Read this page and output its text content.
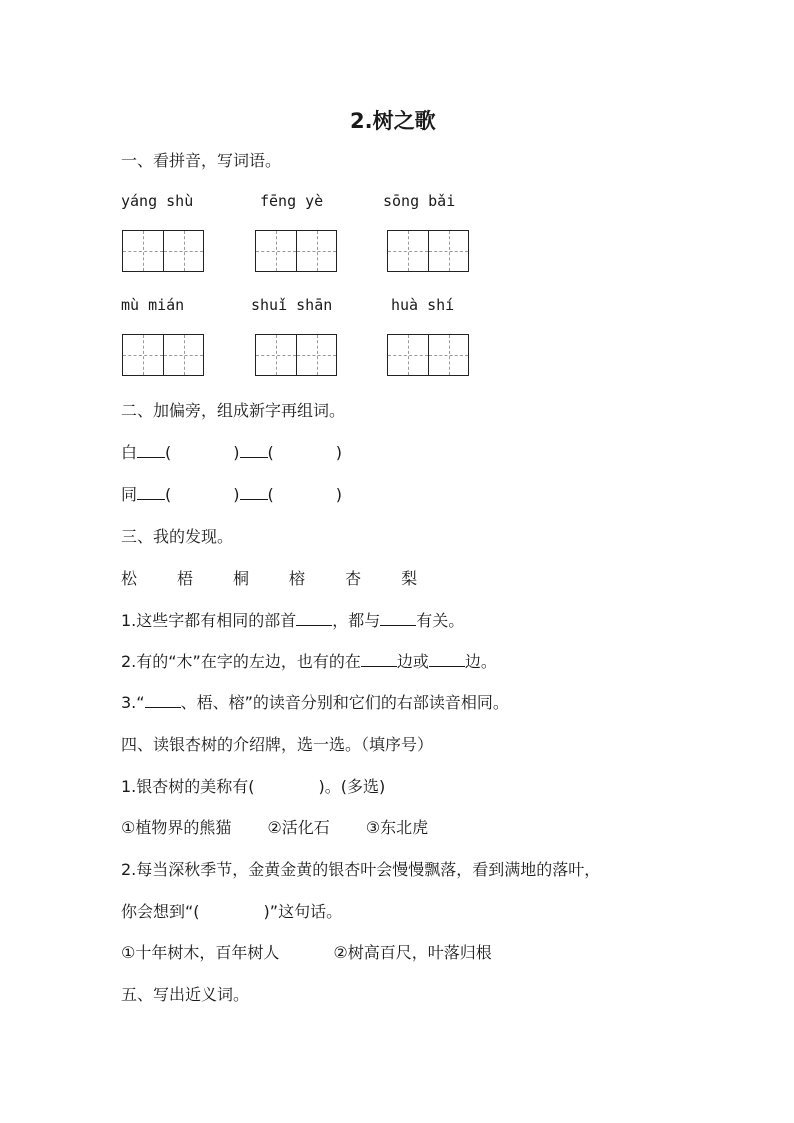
2.树之歌
一、看拼音，写词语。
yáng shù	fēng yè	sōng bǎi
mù mián	shuǐ shān	huà shí
二、加偏旁，组成新字再组词。
白 (	) (	)
同 (	) (	)
三、我的发现。
松	梧	桐	榕	杏	梨
1.这些字都有相同的部首 ，都与 有关。
2.有的“木”在字的左边，也有的在 边或 边。
3.“ 、梧、榕”的读音分别和它们的右部读音相同。
四、读银杏树的介绍牌，选一选。（填序号）
1.银杏树的美称有(	)。(多选)
①植物界的熊猫 ②活化石 ③东北虎
2.每当深秋季节，金黄金黄的银杏叶会慢慢飘落，看到满地的落叶，
你会想到“(	)”这句话。
①十年树木，百年树人	②树高百尺，叶落归根
五、写出近义词。
